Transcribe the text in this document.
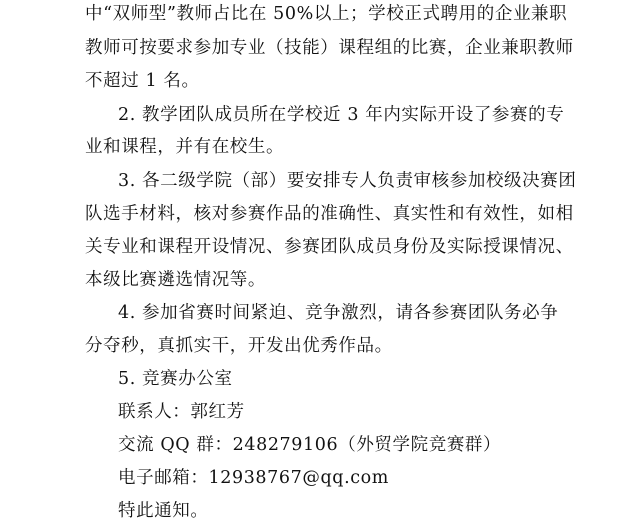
中“双师型”教师占比在 50%以上；学校正式聘用的企业兼职
教师可按要求参加专业（技能）课程组的比赛，企业兼职教师
不超过 1 名。
2. 教学团队成员所在学校近 3 年内实际开设了参赛的专
业和课程，并有在校生。
3. 各二级学院（部）要安排专人负责审核参加校级决赛团
队选手材料，核对参赛作品的准确性、真实性和有效性，如相
关专业和课程开设情况、参赛团队成员身份及实际授课情况、
本级比赛遴选情况等。
4. 参加省赛时间紧迫、竞争激烈，请各参赛团队务必争
分夺秒，真抓实干，开发出优秀作品。
5. 竞赛办公室
联系人：郭红芳
交流 QQ 群：248279106（外贸学院竞赛群）
电子邮箱：12938767@qq.com
特此通知。
